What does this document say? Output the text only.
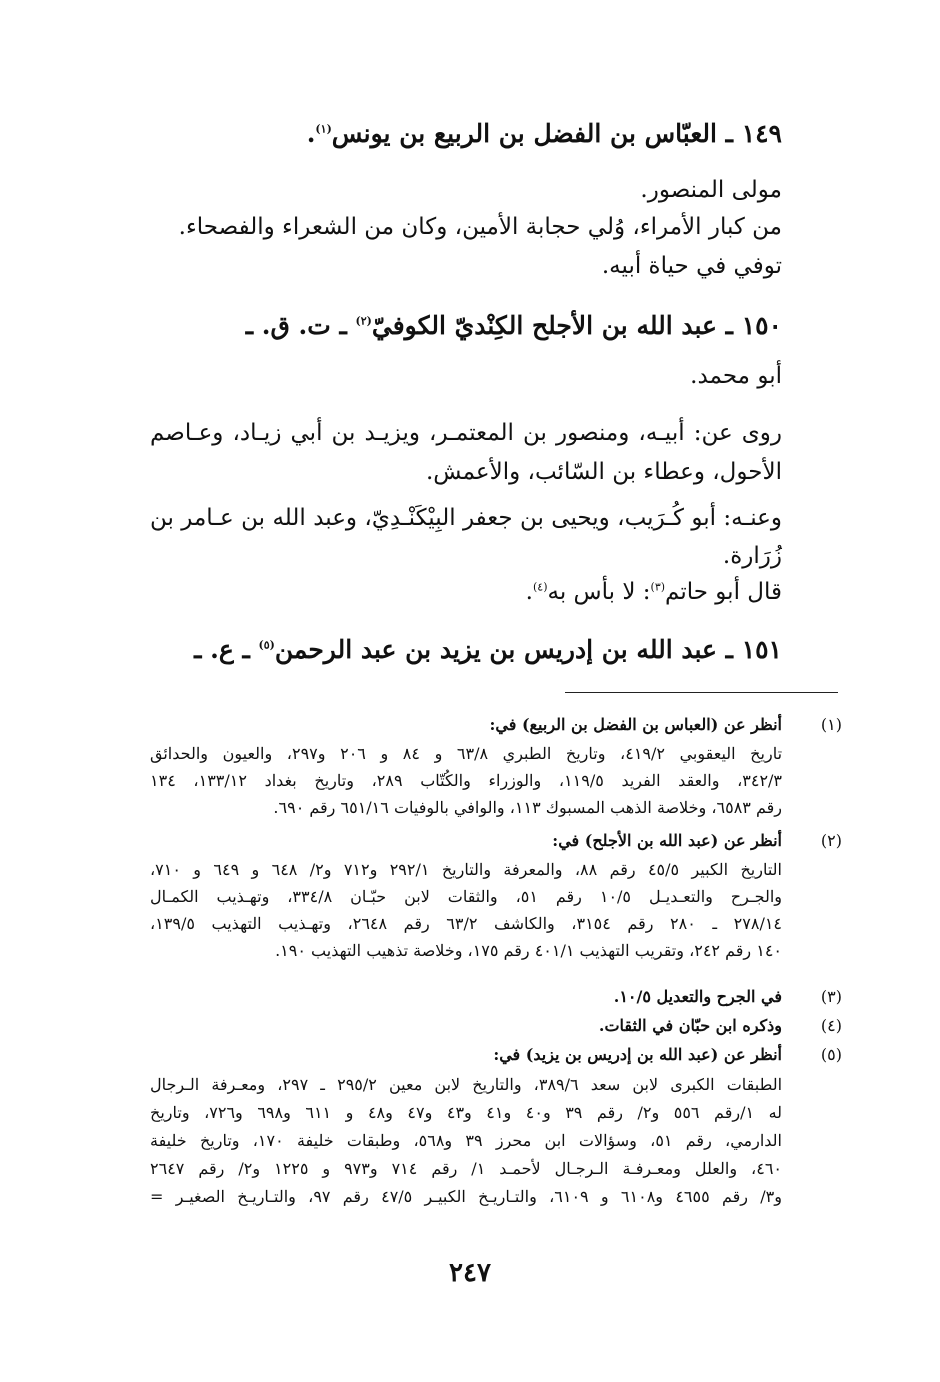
١٤٩ ـ العبّاس بن الفضل بن الربيع بن يونس$^{(١)}$.
مولى المنصور.
من كبار الأمراء، وُلي حجابة الأمين، وكان من الشعراء والفصحاء.
توفي في حياة أبيه.
١٥٠ ـ عبد الله بن الأجلح الكِنْديّ الكوفيّ$^{(٢)}$ ـ ت. ق. ـ
أبو محمد.
روى عن: أبيـه، ومنصور بن المعتمـر، ويزيـد بن أبي زيـاد، وعـاصم
الأحول، وعطاء بن السّائب، والأعمش.
وعنـه: أبو كُـرَيب، ويحيى بن جعفر البِيْكَنْـدِيّ، وعبد الله بن عـامر بن
زُرَارة.
قال أبو حاتم$^{(٣)}$: لا بأس به$^{(٤)}$.
١٥١ ـ عبد الله بن إدريس بن يزيد بن عبد الرحمن$^{(٥)}$ ـ ع. ـ
(١)
أنظر عن (العباس بن الفضل بن الربيع) في:
تاريخ اليعقوبي ٤١٩/٢، وتاريخ الطبري ٦٣/٨ و ٨٤ و ٢٠٦ و٢٩٧، والعيون والحدائق
٣٤٢/٣، والعقد الفريد ١١٩/٥، والوزراء والكُتّاب ٢٨٩، وتاريخ بغداد ١٣٣/١٢، ١٣٤
رقم ٦٥٨٣، وخلاصة الذهب المسبوك ١١٣، والوافي بالوفيات ٦٥١/١٦ رقم ٦٩٠.
(٢)
أنظر عن (عبد الله بن الأجلح) في:
التاريخ الكبير ٤٥/٥ رقم ٨٨، والمعرفة والتاريخ ٢٩٢/١ و٧١٢ و٢/ ٦٤٨ و ٦٤٩ و ٧١٠،
والجـرح والتعـديـل ١٠/٥ رقم ٥١، والثقات لابن حبّـان ٣٣٤/٨، وتهـذيب الكمـال
٢٧٨/١٤ ـ ٢٨٠ رقم ٣١٥٤، والكاشف ٦٣/٢ رقم ٢٦٤٨، وتهـذيب التهذيب ١٣٩/٥،
١٤٠ رقم ٢٤٢، وتقريب التهذيب ٤٠١/١ رقم ١٧٥، وخلاصة تذهيب التهذيب ١٩٠.
(٣)
في الجرح والتعديل ١٠/٥.
(٤)
وذكره ابن حبّان في الثقات.
(٥)
أنظر عن (عبد الله بن إدريس بن يزيد) في:
الطبقات الكبرى لابن سعد ٣٨٩/٦، والتاريخ لابن معين ٢٩٥/٢ ـ ٢٩٧، ومعـرفة الـرجال
له ١/رقم ٥٥٦ و٢/ رقم ٣٩ و٤٠ و٤١ و٤٣ و٤٧ و٤٨ و ٦١١ و٦٩٨ و٧٢٦، وتاريخ
الدارمي، رقم ٥١، وسؤالات ابن محرز ٣٩ و٥٦٨، وطبقات خليفة ١٧٠، وتاريخ خليفة
٤٦٠، والعلل ومعـرفـة الـرجـال لأحمـد ١/ رقم ٧١٤ و٩٧٣ و ١٢٢٥ و٢/ رقم ٢٦٤٧
و٣/ رقم ٤٦٥٥ و٦١٠٨ و ٦١٠٩، والتـاريـخ الكبيـر ٤٧/٥ رقم ٩٧، والتـاريـخ الصغيـر =
٢٤٧
